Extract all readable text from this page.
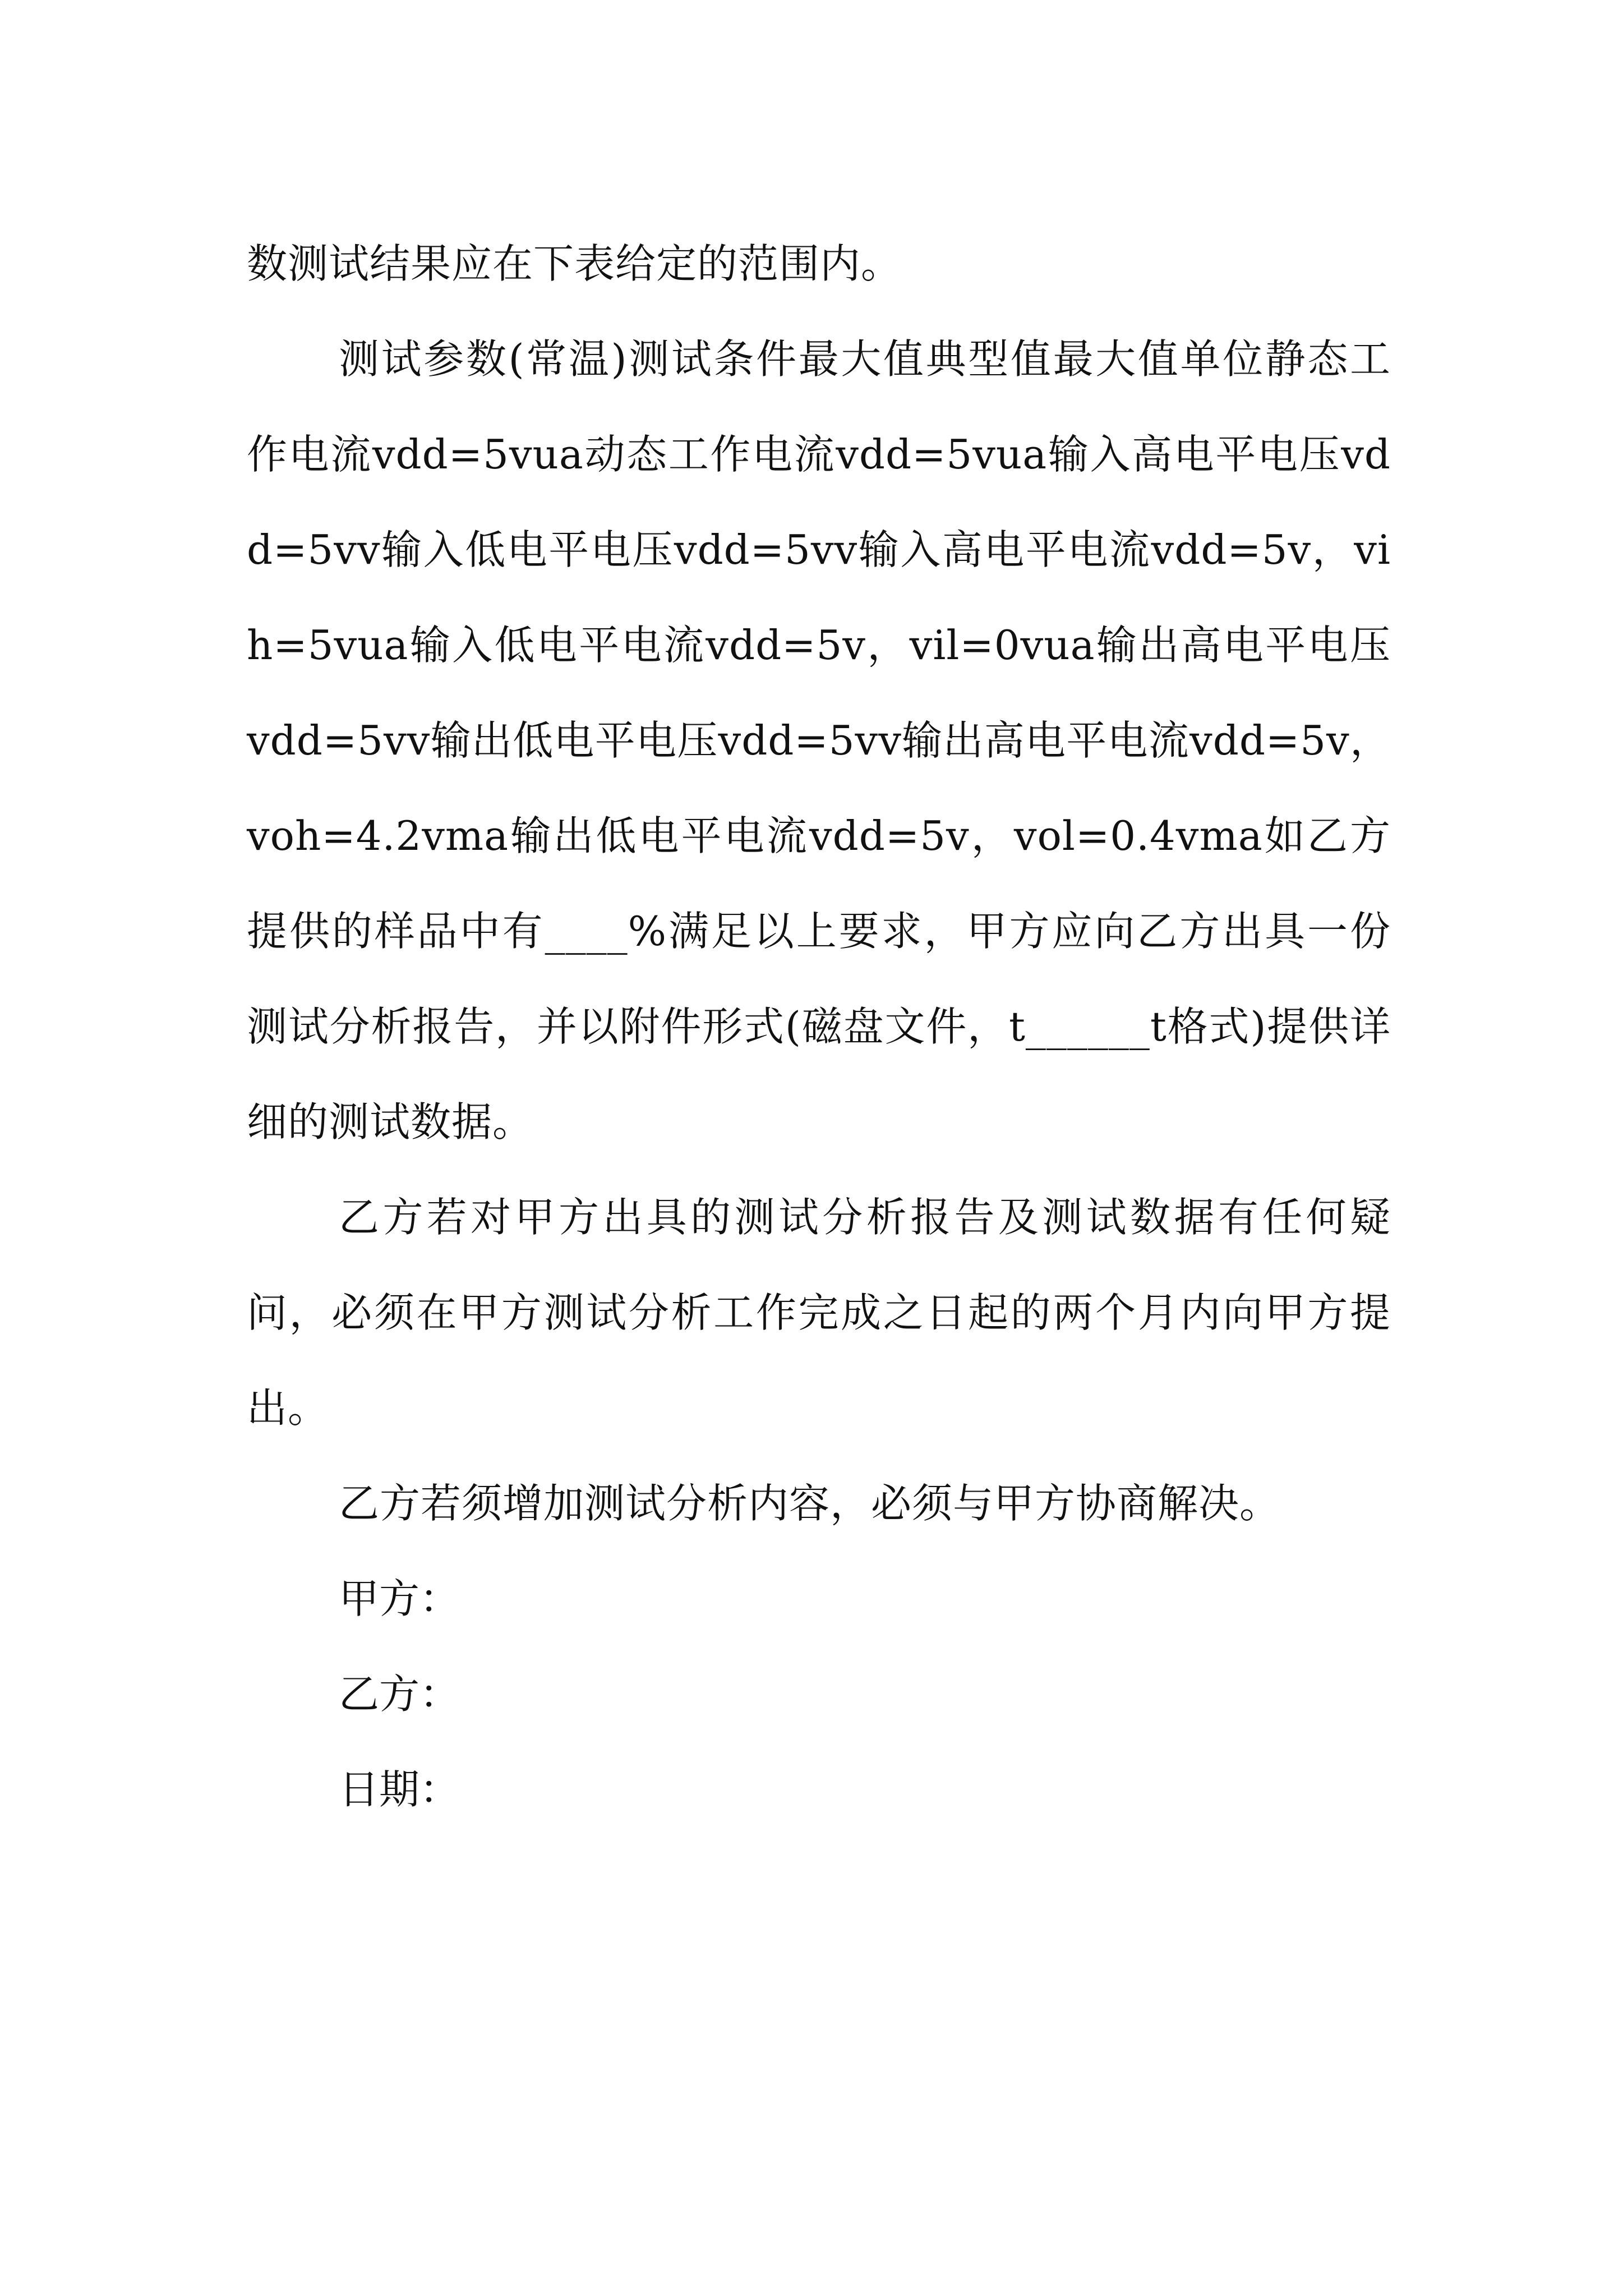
数测试结果应在下表给定的范围内。

测试参数(常温)测试条件最大值典型值最大值单位静态工作电流vdd=5vua动态工作电流vdd=5vua输入高电平电压vdd=5vv输入低电平电压vdd=5vv输入高电平电流vdd=5v，vih=5vua输入低电平电流vdd=5v，vil=0vua输出高电平电压vdd=5vv输出低电平电压vdd=5vv输出高电平电流vdd=5v，voh=4.2vma输出低电平电流vdd=5v，vol=0.4vma如乙方提供的样品中有____%满足以上要求，甲方应向乙方出具一份测试分析报告，并以附件形式(磁盘文件，t______t格式)提供详细的测试数据。

乙方若对甲方出具的测试分析报告及测试数据有任何疑问，必须在甲方测试分析工作完成之日起的两个月内向甲方提出。

乙方若须增加测试分析内容，必须与甲方协商解决。

甲方：

乙方：

日期：
